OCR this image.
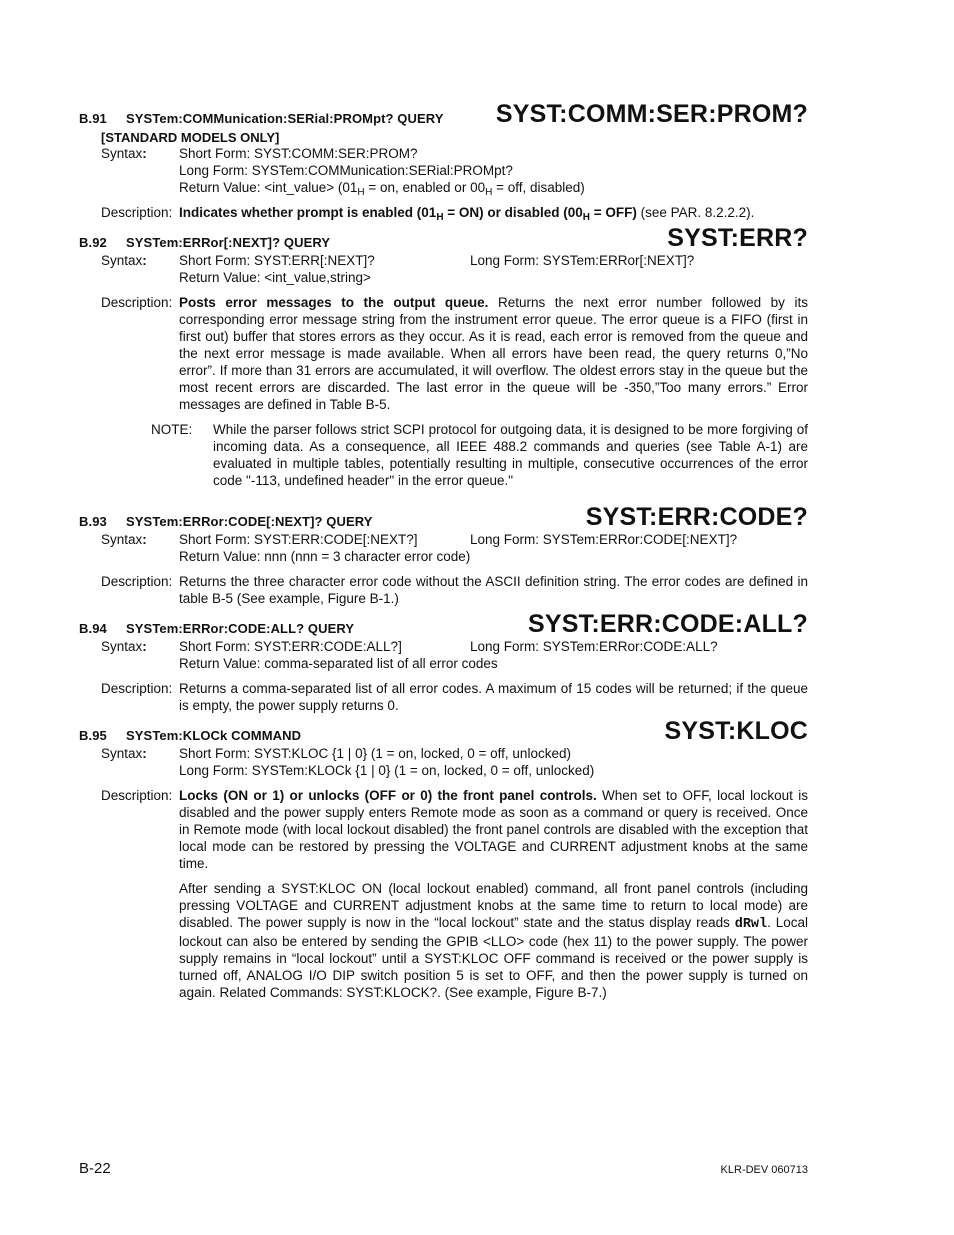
B.91 SYSTem:COMMunication:SERial:PROMpt? QUERY SYST:COMM:SER:PROM?
[STANDARD MODELS ONLY]
Syntax:	Short Form: SYST:COMM:SER:PROM?
Long Form: SYSTem:COMMunication:SERial:PROMpt?
Return Value: <int_value> ($01_H$ = on, enabled or $00_H$ = off, disabled)
Description: Indicates whether prompt is enabled $(01_H = ON)$ or disabled $(00_H = OFF)$ (see PAR. 8.2.2.2).
B.92 SYSTem:ERRor[:NEXT]? QUERY	SYST:ERR?
Syntax:	Short Form: SYST:ERR[:NEXT]?	Long Form: SYSTem:ERRor[:NEXT]?
Return Value: <int_value,string>
Description: Posts error messages to the output queue. Returns the next error number followed by its corresponding error message string from the instrument error queue. The error queue is a FIFO (first in first out) buffer that stores errors as they occur. As it is read, each error is removed from the queue and the next error message is made available. When all errors have been read, the query returns 0,”No error”. If more than 31 errors are accumulated, it will overflow. The oldest errors stay in the queue but the most recent errors are discarded. The last error in the queue will be -350,”Too many errors.” Error messages are defined in Table B-5.
NOTE: While the parser follows strict SCPI protocol for outgoing data, it is designed to be more forgiving of incoming data. As a consequence, all IEEE 488.2 commands and queries (see Table A-1) are evaluated in multiple tables, potentially resulting in multiple, consecutive occurrences of the error code "-113, undefined header" in the error queue."
B.93 SYSTem:ERRor:CODE[:NEXT]? QUERY	SYST:ERR:CODE?
Syntax:	Short Form: SYST:ERR:CODE[:NEXT?]	Long Form: SYSTem:ERRor:CODE[:NEXT]?
Return Value: nnn (nnn = 3 character error code)
Description: Returns the three character error code without the ASCII definition string. The error codes are defined in table B-5 (See example, Figure B-1.)
B.94 SYSTem:ERRor:CODE:ALL? QUERY	SYST:ERR:CODE:ALL?
Syntax:	Short Form: SYST:ERR:CODE:ALL?]	Long Form: SYSTem:ERRor:CODE:ALL?
Return Value: comma-separated list of all error codes
Description: Returns a comma-separated list of all error codes. A maximum of 15 codes will be returned; if the queue is empty, the power supply returns 0.
B.95 SYSTem:KLOCk COMMAND	SYST:KLOC
Syntax:	Short Form: SYST:KLOC {1 | 0} (1 = on, locked, 0 = off, unlocked)
Long Form: SYSTem:KLOCk {1 | 0} (1 = on, locked, 0 = off, unlocked)
Description: Locks (ON or 1) or unlocks (OFF or 0) the front panel controls. When set to OFF, local lockout is disabled and the power supply enters Remote mode as soon as a command or query is received. Once in Remote mode (with local lockout disabled) the front panel controls are disabled with the exception that local mode can be restored by pressing the VOLTAGE and CURRENT adjustment knobs at the same time.
After sending a SYST:KLOC ON (local lockout enabled) command, all front panel controls (including pressing VOLTAGE and CURRENT adjustment knobs at the same time to return to local mode) are disabled. The power supply is now in the “local lockout” state and the status display reads dRwl. Local lockout can also be entered by sending the GPIB <LLO> code (hex 11) to the power supply. The power supply remains in “local lockout” until a SYST:KLOC OFF command is received or the power supply is turned off, ANALOG I/O DIP switch position 5 is set to OFF, and then the power supply is turned on again. Related Commands: SYST:KLOCK?. (See example, Figure B-7.)
B-22	KLR-DEV 060713
